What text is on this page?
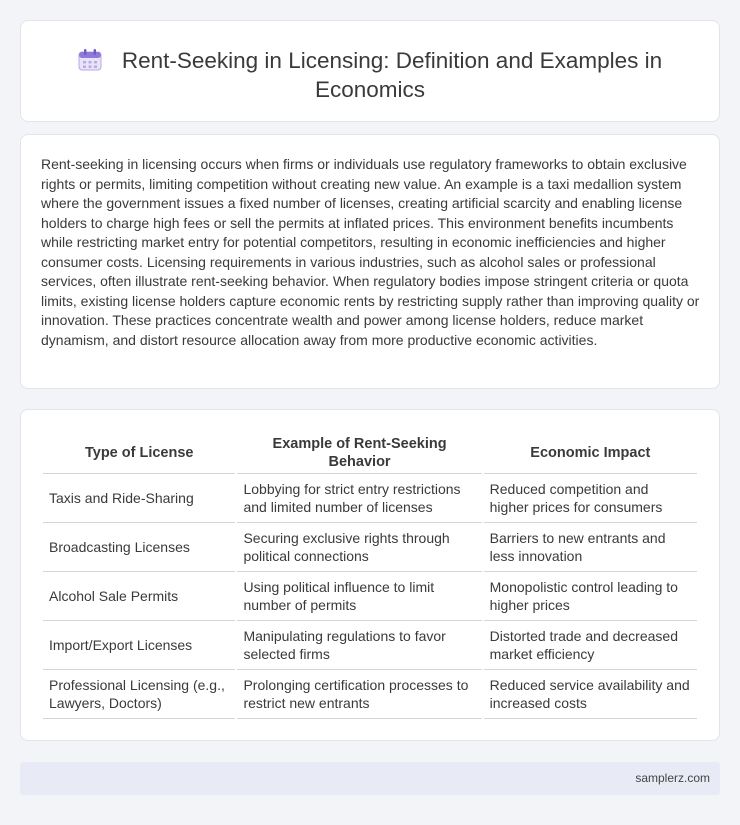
Rent-Seeking in Licensing: Definition and Examples in Economics

Rent-seeking in licensing occurs when firms or individuals use regulatory frameworks to obtain exclusive rights or permits, limiting competition without creating new value. An example is a taxi medallion system where the government issues a fixed number of licenses, creating artificial scarcity and enabling license holders to charge high fees or sell the permits at inflated prices. This environment benefits incumbents while restricting market entry for potential competitors, resulting in economic inefficiencies and higher consumer costs. Licensing requirements in various industries, such as alcohol sales or professional services, often illustrate rent-seeking behavior. When regulatory bodies impose stringent criteria or quota limits, existing license holders capture economic rents by restricting supply rather than improving quality or innovation. These practices concentrate wealth and power among license holders, reduce market dynamism, and distort resource allocation away from more productive economic activities.

Type of License	Example of Rent-Seeking Behavior	Economic Impact
Taxis and Ride-Sharing	Lobbying for strict entry restrictions and limited number of licenses	Reduced competition and higher prices for consumers
Broadcasting Licenses	Securing exclusive rights through political connections	Barriers to new entrants and less innovation
Alcohol Sale Permits	Using political influence to limit number of permits	Monopolistic control leading to higher prices
Import/Export Licenses	Manipulating regulations to favor selected firms	Distorted trade and decreased market efficiency
Professional Licensing (e.g., Lawyers, Doctors)	Prolonging certification processes to restrict new entrants	Reduced service availability and increased costs
samplerz.com
